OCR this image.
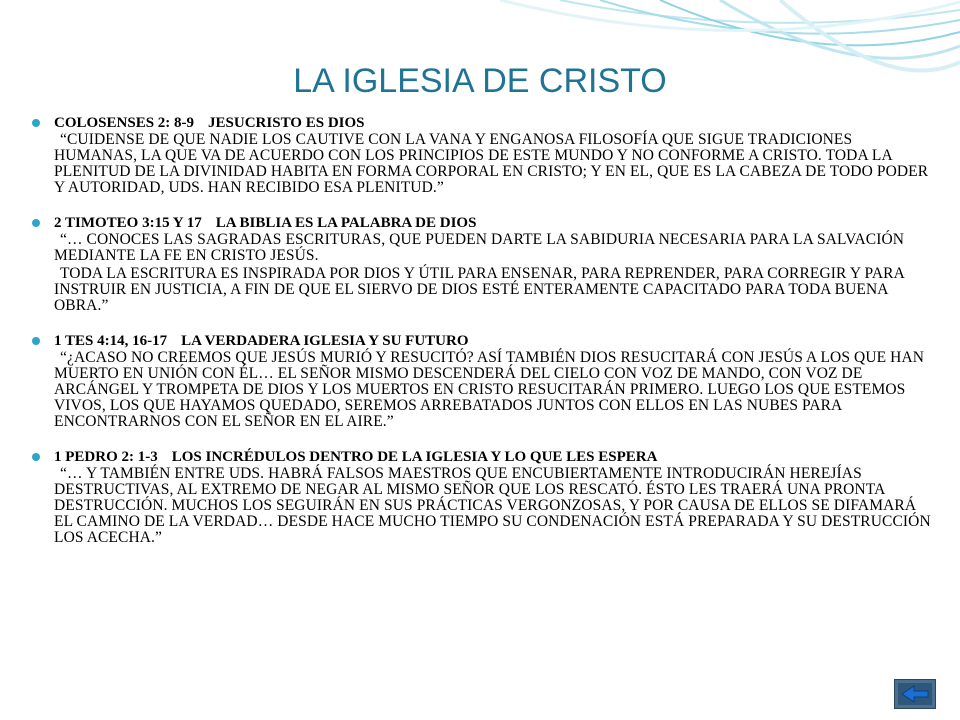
LA IGLESIA DE CRISTO
COLOSENSES 2: 8-9 JESUCRISTO ES DIOS
“CUIDENSE DE QUE NADIE LOS CAUTIVE CON LA VANA Y ENGANOSA FILOSOFÍA QUE SIGUE TRADICIONES HUMANAS, LA QUE VA DE ACUERDO CON LOS PRINCIPIOS DE ESTE MUNDO Y NO CONFORME A CRISTO. TODA LA PLENITUD DE LA DIVINIDAD HABITA EN FORMA CORPORAL EN CRISTO; Y EN EL, QUE ES LA CABEZA DE TODO PODER Y AUTORIDAD, UDS. HAN RECIBIDO ESA PLENITUD.”
2 TIMOTEO 3:15 Y 17 LA BIBLIA ES LA PALABRA DE DIOS
“… CONOCES LAS SAGRADAS ESCRITURAS, QUE PUEDEN DARTE LA SABIDURIA NECESARIA PARA LA SALVACIÓN MEDIANTE LA FE EN CRISTO JESÚS.
TODA LA ESCRITURA ES INSPIRADA POR DIOS Y ÚTIL PARA ENSENAR, PARA REPRENDER, PARA CORREGIR Y PARA INSTRUIR EN JUSTICIA, A FIN DE QUE EL SIERVO DE DIOS ESTÉ ENTERAMENTE CAPACITADO PARA TODA BUENA OBRA.”
1 TES 4:14, 16-17 LA VERDADERA IGLESIA Y SU FUTURO
“¿ACASO NO CREEMOS QUE JESÚS MURIÓ Y RESUCITÓ? ASÍ TAMBIÉN DIOS RESUCITARÁ CON JESÚS A LOS QUE HAN MUERTO EN UNIÓN CON ÉL… EL SEÑOR MISMO DESCENDERÁ DEL CIELO CON VOZ DE MANDO, CON VOZ DE ARCÁNGEL Y TROMPETA DE DIOS Y LOS MUERTOS EN CRISTO RESUCITARÁN PRIMERO. LUEGO LOS QUE ESTEMOS VIVOS, LOS QUE HAYAMOS QUEDADO, SEREMOS ARREBATADOS JUNTOS CON ELLOS EN LAS NUBES PARA ENCONTRARNOS CON EL SEÑOR EN EL AIRE.”
1 PEDRO 2: 1-3 LOS INCRÉDULOS DENTRO DE LA IGLESIA Y LO QUE LES ESPERA
“… Y TAMBIÉN ENTRE UDS. HABRÁ FALSOS MAESTROS QUE ENCUBIERTAMENTE INTRODUCIRÁN HEREJÍAS DESTRUCTIVAS, AL EXTREMO DE NEGAR AL MISMO SEÑOR QUE LOS RESCATÓ. ÉSTO LES TRAERÁ UNA PRONTA DESTRUCCIÓN. MUCHOS LOS SEGUIRÁN EN SUS PRÁCTICAS VERGONZOSAS, Y POR CAUSA DE ELLOS SE DIFAMARÁ EL CAMINO DE LA VERDAD… DESDE HACE MUCHO TIEMPO SU CONDENACIÓN ESTÁ PREPARADA Y SU DESTRUCCIÓN LOS ACECHA.”
